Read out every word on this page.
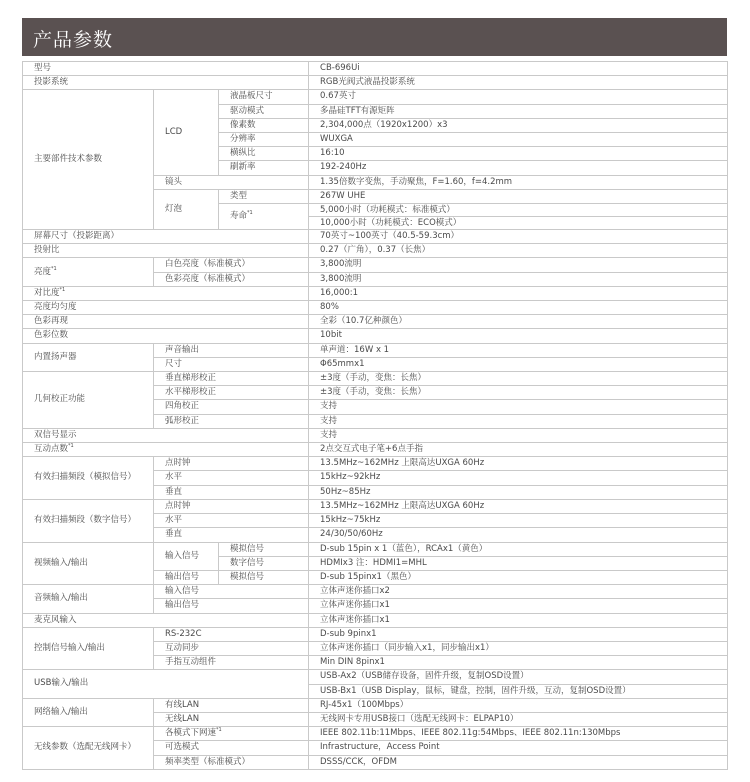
产品参数
型号			CB-696Ui
投影系统			RGB光阀式液晶投影系统
主要部件技术参数	LCD	液晶板尺寸	0.67英寸
		驱动模式	多晶硅TFT有源矩阵
		像素数	2,304,000点（1920x1200）x3
		分辨率	WUXGA
		横纵比	16:10
		刷新率	192-240Hz
	镜头		1.35倍数字变焦，手动聚焦，F=1.60，f=4.2mm
	灯泡	类型	267W UHE
		寿命$^{*1}$	5,000小时（功耗模式：标准模式）
			10,000小时（功耗模式：ECO模式）
屏幕尺寸（投影距离）			70英寸~100英寸（40.5-59.3cm）
投射比			0.27（广角），0.37（长焦）
亮度$^{*1}$	白色亮度（标准模式）		3,800流明
	色彩亮度（标准模式）		3,800流明
对比度$^{*1}$			16,000:1
亮度均匀度			80%
色彩再现			全彩（10.7亿种颜色）
色彩位数			10bit
内置扬声器	声音输出		单声道：16W x 1
	尺寸		Φ65mmx1
几何校正功能	垂直梯形校正		±3度（手动，变焦：长焦）
	水平梯形校正		±3度（手动，变焦：长焦）
	四角校正		支持
	弧形校正		支持
双信号显示			支持
互动点数$^{*1}$			2点交互式电子笔+6点手指
有效扫描频段（模拟信号）	点时钟		13.5MHz~162MHz 上限高达UXGA 60Hz
	水平		15kHz~92kHz
	垂直		50Hz~85Hz
有效扫描频段（数字信号）	点时钟		13.5MHz~162MHz 上限高达UXGA 60Hz
	水平		15kHz~75kHz
	垂直		24/30/50/60Hz
视频输入/输出	输入信号	模拟信号	D-sub 15pin x 1（蓝色），RCAx1（黄色）
		数字信号	HDMIx3 注：HDMI1=MHL
	输出信号	模拟信号	D-sub 15pinx1（黑色）
音频输入/输出	输入信号		立体声迷你插口x2
	输出信号		立体声迷你插口x1
麦克风输入			立体声迷你插口x1
控制信号输入/输出	RS-232C		D-sub 9pinx1
	互动同步		立体声迷你插口（同步输入x1，同步输出x1）
	手指互动组件		Min DIN 8pinx1
USB输入/输出			USB-Ax2（USB储存设备，固件升级，复制OSD设置）
			USB-Bx1（USB Display，鼠标，键盘，控制，固件升级，互动，复制OSD设置）
网络输入/输出	有线LAN		RJ-45x1（100Mbps）
	无线LAN		无线网卡专用USB接口（选配无线网卡：ELPAP10）
无线参数（选配无线网卡）	各模式下网速$^{*1}$		IEEE 802.11b:11Mbps、IEEE 802.11g:54Mbps、IEEE 802.11n:130Mbps
	可选模式		Infrastructure，Access Point
	频率类型（标准模式）		DSSS/CCK，OFDM
